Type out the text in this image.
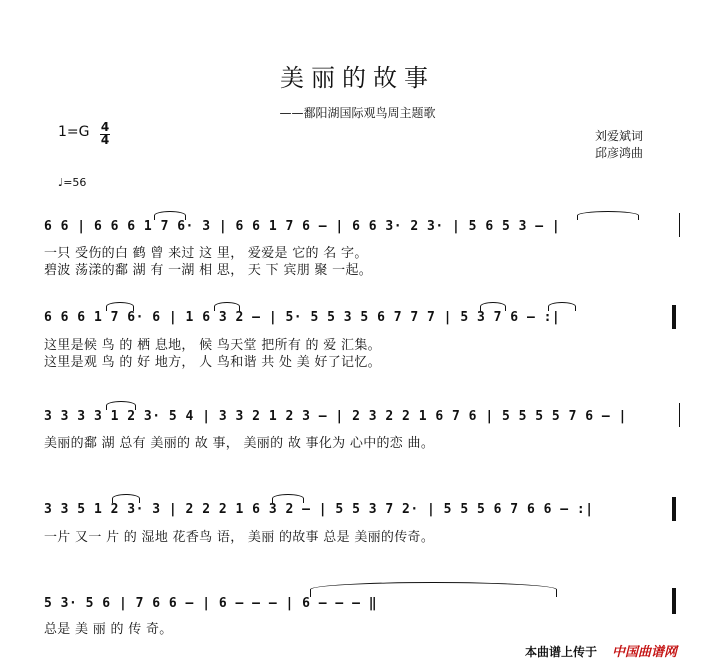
美丽的故事
——鄱阳湖国际观鸟周主题歌
1=G 4
4	刘爱斌词
邱彦鸿曲
♩=56
6 6 | 6 6 6 1 7 6· 3 | 6 6 1 7 6 – | 6 6 3· 2 3· | 5 6 5 3 – |
一只 受伤的白 鹤 曾 来过 这 里， 爱爱是 它的 名 字。
碧波 荡漾的鄱 湖 有 一湖 相 思， 天 下 宾朋 聚 一起。
6 6 6 1 7 6· 6 | 1 6 3 2 – | 5· 5 5 3 5 6 7 7 7 | 5 3 7 6 – :|
这里是候 鸟 的 栖 息地， 候 鸟天堂 把所有 的 爱 汇集。
这里是观 鸟 的 好 地方， 人 鸟和谐 共 处 美 好了记忆。
3 3 3 3 1 2 3· 5 4 | 3 3 2 1 2 3 – | 2 3 2 2 1 6 7 6 | 5 5 5 5 7 6 – |
美丽的鄱 湖 总有 美丽的 故 事， 美丽的 故 事化为 心中的恋 曲。
3 3 5 1 2 3· 3 | 2 2 2 1 6 3 2 – | 5 5 3 7 2· | 5 5 5 6 7 6 6 – :|
一片 又一 片 的 湿地 花香鸟 语， 美丽 的故事 总是 美丽的传奇。
5 3· 5 6 | 7 6 6 – | 6 – – – | 6 – – – ‖
总是 美 丽 的 传 奇。
本曲谱上传于 中国曲谱网
